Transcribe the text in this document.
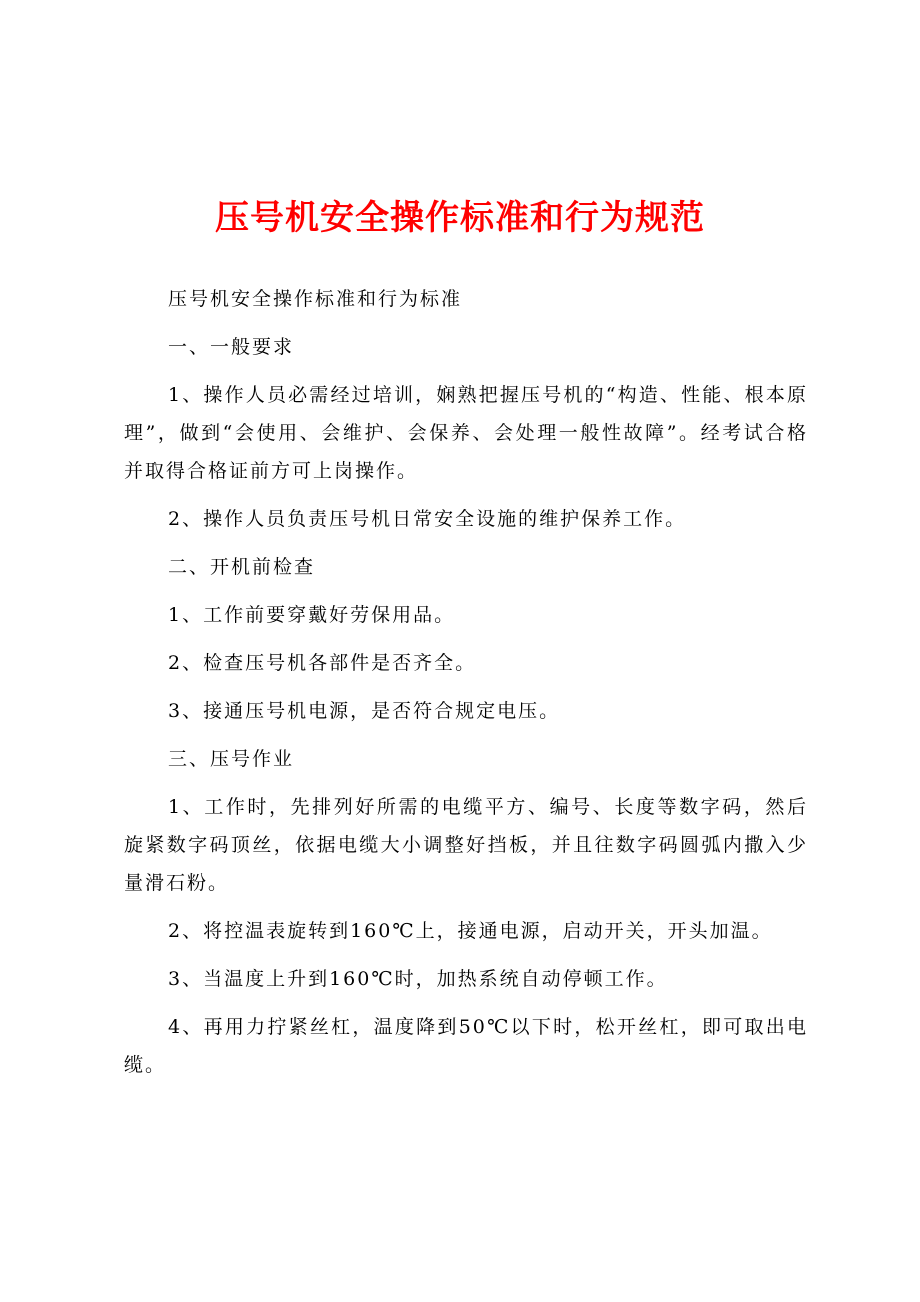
压号机安全操作标准和行为规范

压号机安全操作标准和行为标准

一、一般要求

1、操作人员必需经过培训，娴熟把握压号机的“构造、性能、根本原理”，做到“会使用、会维护、会保养、会处理一般性故障”。经考试合格并取得合格证前方可上岗操作。

2、操作人员负责压号机日常安全设施的维护保养工作。

二、开机前检查

1、工作前要穿戴好劳保用品。

2、检查压号机各部件是否齐全。

3、接通压号机电源，是否符合规定电压。

三、压号作业

1、工作时，先排列好所需的电缆平方、编号、长度等数字码，然后旋紧数字码顶丝，依据电缆大小调整好挡板，并且往数字码圆弧内撒入少量滑石粉。

2、将控温表旋转到160℃上，接通电源，启动开关，开头加温。

3、当温度上升到160℃时，加热系统自动停顿工作。

4、再用力拧紧丝杠，温度降到50℃以下时，松开丝杠，即可取出电缆。
